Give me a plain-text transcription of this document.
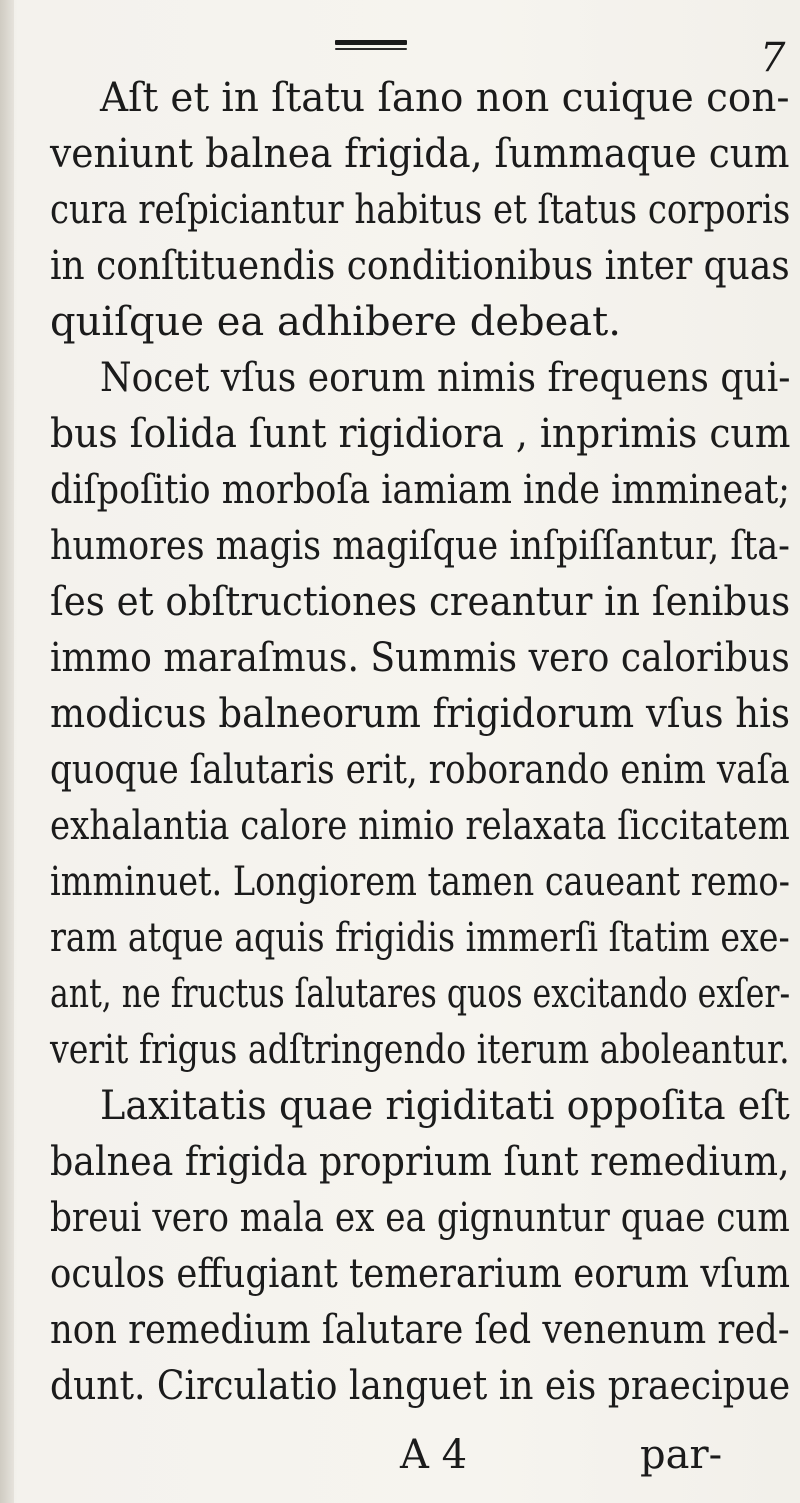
7
Aſt et in ſtatu ſano non cuique con-
veniunt balnea frigida, ſummaque cum
cura reſpiciantur habitus et ſtatus corporis
in conſtituendis conditionibus inter quas
quiſque ea adhibere debeat.
Nocet vſus eorum nimis frequens qui-
bus ſolida ſunt rigidiora , inprimis cum
diſpoſitio morboſa iamiam inde immineat;
humores magis magiſque inſpiſſantur, ſta-
ſes et obſtructiones creantur in ſenibus
immo maraſmus. Summis vero caloribus
modicus balneorum frigidorum vſus his
quoque ſalutaris erit, roborando enim vaſa
exhalantia calore nimio relaxata ſiccitatem
imminuet. Longiorem tamen caueant remo-
ram atque aquis frigidis immerſi ſtatim exe-
ant, ne fructus ſalutares quos excitando exſer-
verit frigus adſtringendo iterum aboleantur.
Laxitatis quae rigiditati oppoſita eſt
balnea frigida proprium ſunt remedium,
breui vero mala ex ea gignuntur quae cum
oculos effugiant temerarium eorum vſum
non remedium ſalutare ſed venenum red-
dunt. Circulatio languet in eis praecipue
A 4	par-
